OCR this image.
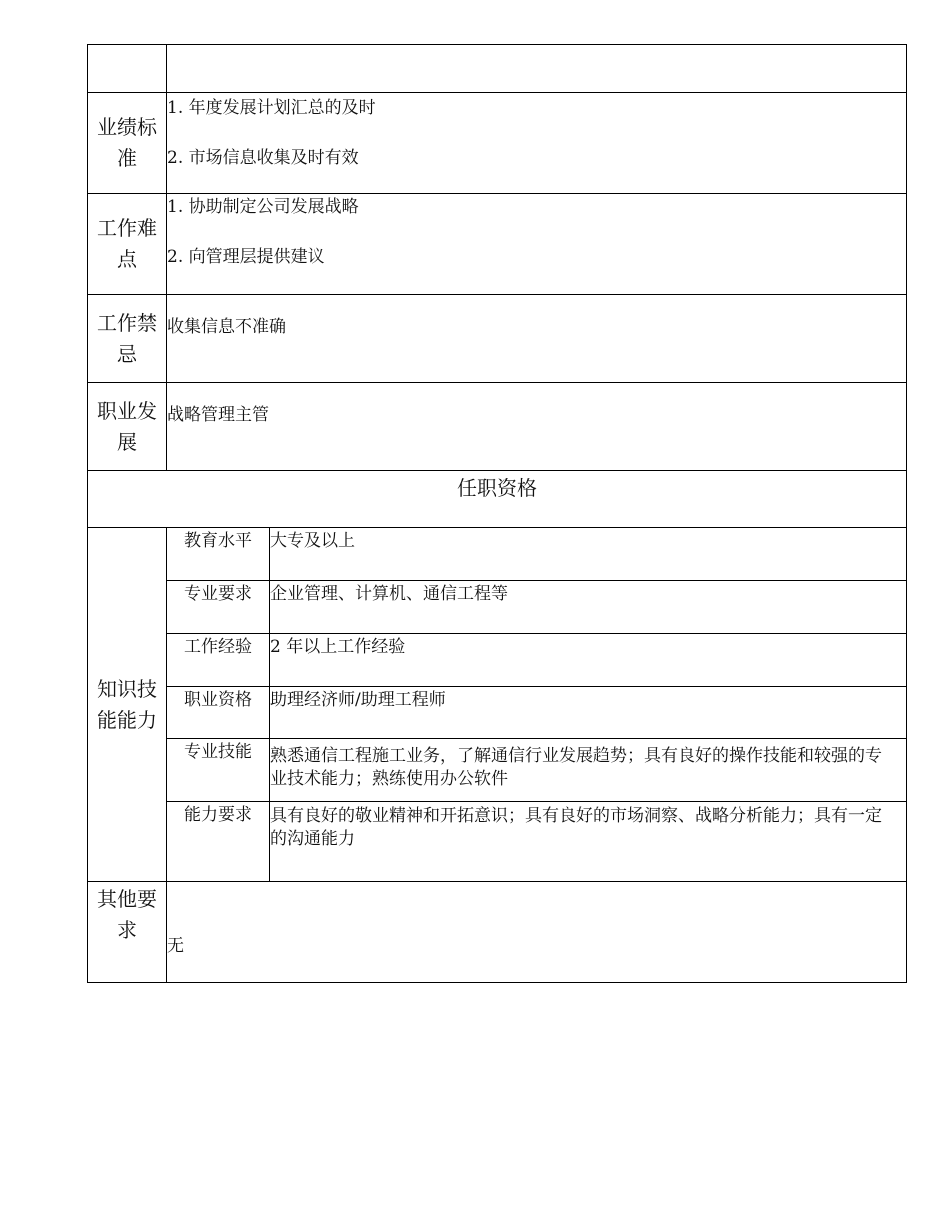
业绩标准	1. 年度发展计划汇总的及时

2. 市场信息收集及时有效	

工作难点	1. 协助制定公司发展战略

2. 向管理层提供建议	

工作禁忌	收集信息不准确	
职业发展	战略管理主管	
任职资格		
知识技能能力	教育水平	大专及以上
	专业要求	企业管理、计算机、通信工程等
	工作经验	2 年以上工作经验
	职业资格	助理经济师/助理工程师
	专业技能	熟悉通信工程施工业务，了解通信行业发展趋势；具有良好的操作技能和较强的专业技术能力；熟练使用办公软件
	能力要求	具有良好的敬业精神和开拓意识；具有良好的市场洞察、战略分析能力；具有一定的沟通能力
其他要求	无	
